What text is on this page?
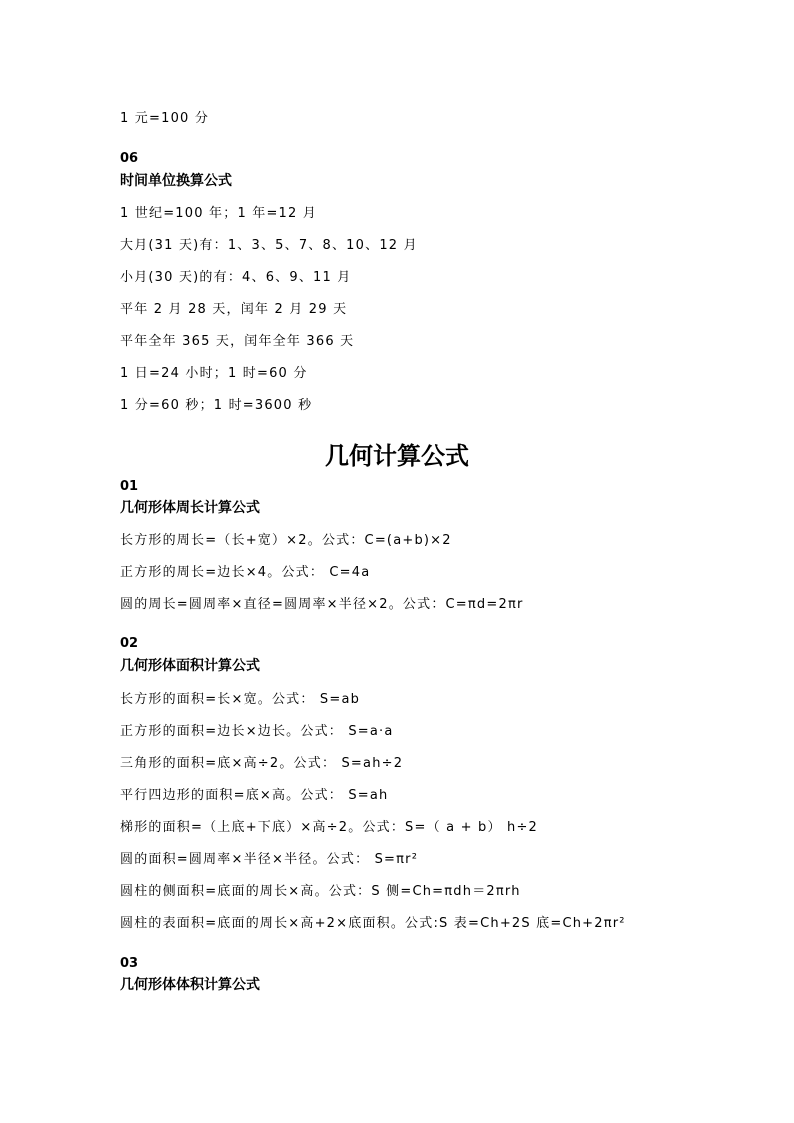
1 元=100 分
06
时间单位换算公式
1 世纪=100 年；1 年=12 月
大月(31 天)有：1、3、5、7、8、10、12 月
小月(30 天)的有：4、6、9、11 月
平年 2 月 28 天，闰年 2 月 29 天
平年全年 365 天，闰年全年 366 天
1 日=24 小时；1 时=60 分
1 分=60 秒；1 时=3600 秒
几何计算公式
01
几何形体周长计算公式
长方形的周长=（长+宽）×2。公式：C=(a+b)×2
正方形的周长=边长×4。公式： C=4a
圆的周长=圆周率×直径=圆周率×半径×2。公式：C=πd=2πr
02
几何形体面积计算公式
长方形的面积=长×宽。公式： S=ab
正方形的面积=边长×边长。公式： S=a·a
三角形的面积=底×高÷2。公式： S=ah÷2
平行四边形的面积=底×高。公式： S=ah
梯形的面积=（上底+下底）×高÷2。公式：S=（ a + b） h÷2
圆的面积=圆周率×半径×半径。公式： S=πr²
圆柱的侧面积=底面的周长×高。公式：S 侧=Ch=πdh＝2πrh
圆柱的表面积=底面的周长×高+2×底面积。公式:S 表=Ch+2S 底=Ch+2πr²
03
几何形体体积计算公式
